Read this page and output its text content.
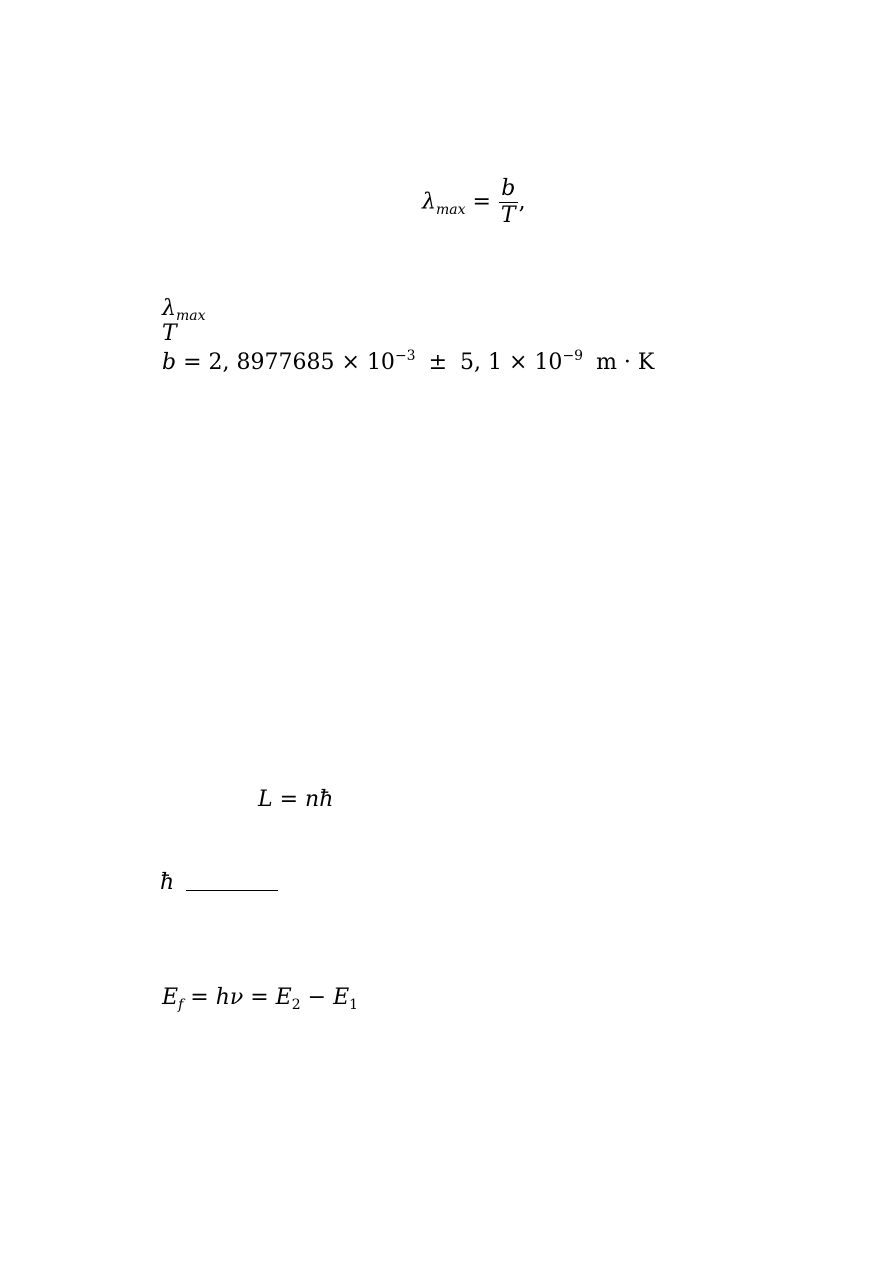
$\lambda_{max} = \frac{b}{T}$ ,
$\lambda_{max}$
T
b = 2, $8977685 \times 10^{-3} \pm 5$, $1 \times 10^{-9}$ m · K
L = nħ
ħ
$E_f = h\nu = E_2 - E_1$
